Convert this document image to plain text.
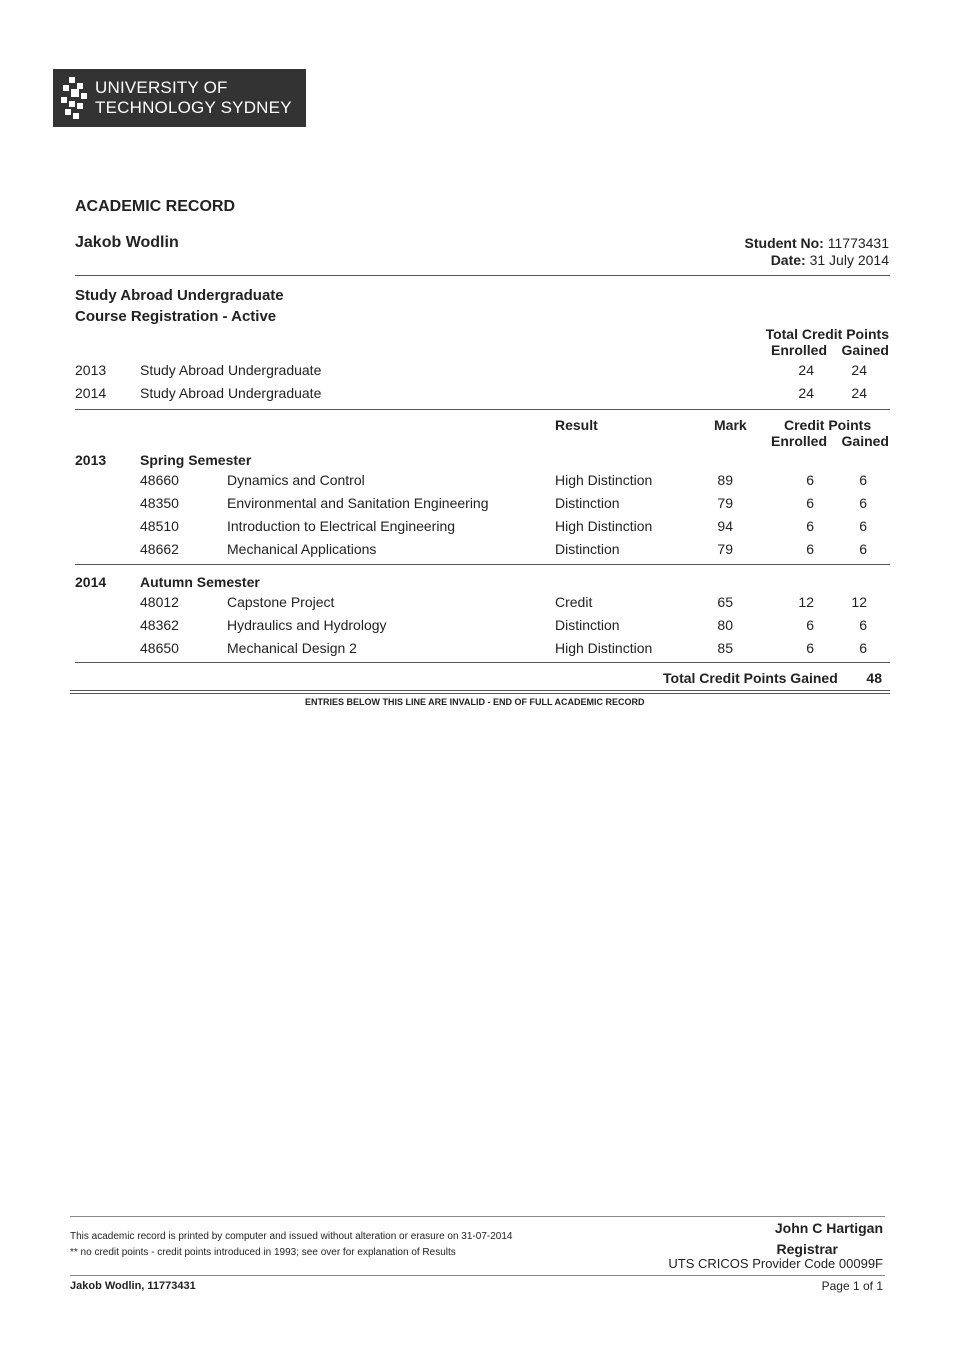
UNIVERSITY OF
TECHNOLOGY SYDNEY
ACADEMIC RECORD
Jakob Wodlin	Student No: 11773431
Date: 31 July 2014
Study Abroad Undergraduate
Course Registration - Active
Total Credit Points
Enrolled Gained
2013 Study Abroad Undergraduate	24	24
2014 Study Abroad Undergraduate	24	24
Result	Mark	Credit Points
Enrolled Gained
2013 Spring Semester
48660	Dynamics and Control	High Distinction	89	6	6
48350	Environmental and Sanitation Engineering	Distinction	79	6	6
48510	Introduction to Electrical Engineering	High Distinction	94	6	6
48662	Mechanical Applications	Distinction	79	6	6
2014 Autumn Semester
48012	Capstone Project	Credit	65	12	12
48362	Hydraulics and Hydrology	Distinction	80	6	6
48650	Mechanical Design 2	High Distinction	85	6	6
Total Credit Points Gained 48
ENTRIES BELOW THIS LINE ARE INVALID - END OF FULL ACADEMIC RECORD
This academic record is printed by computer and issued without alteration or erasure on 31-07-2014
** no credit points - credit points introduced in 1993; see over for explanation of Results
John C Hartigan
Registrar
UTS CRICOS Provider Code 00099F
Jakob Wodlin, 11773431	Page 1 of 1
